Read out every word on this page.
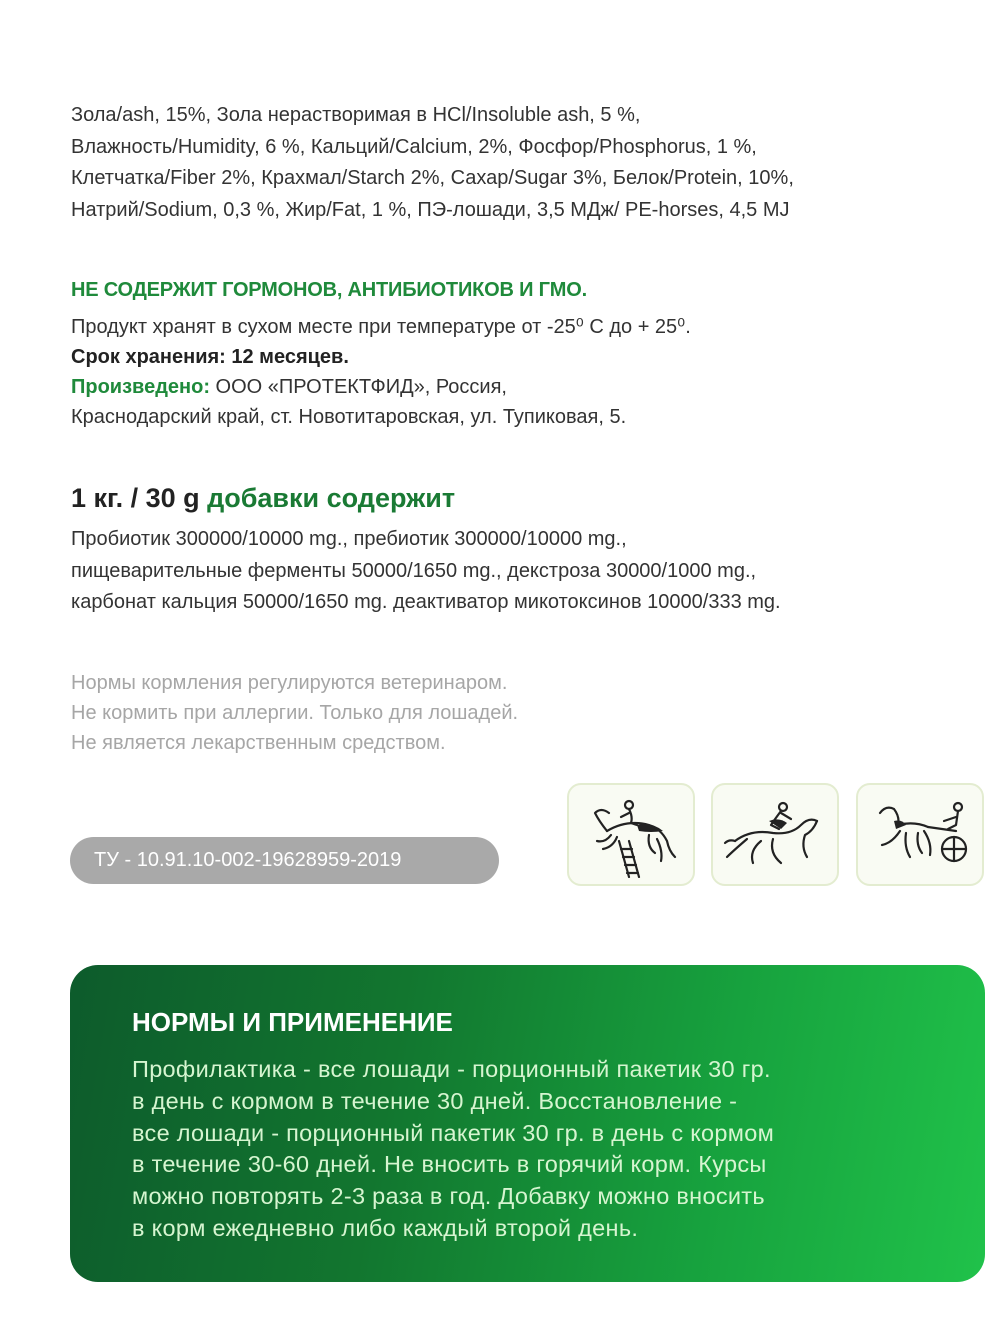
Зола/ash, 15%, Зола нерастворимая в HCl/Insoluble ash, 5 %,
Влажность/Humidity, 6 %, Кальций/Calcium, 2%, Фосфор/Phosphorus, 1 %,
Клетчатка/Fiber 2%, Крахмал/Starch 2%, Сахар/Sugar 3%, Белок/Protein, 10%,
Натрий/Sodium, 0,3 %, Жир/Fat, 1 %, ПЭ-лошади, 3,5 МДж/ PE-horses, 4,5 MJ
НЕ СОДЕРЖИТ ГОРМОНОВ, АНТИБИОТИКОВ И ГМО.
Продукт хранят в сухом месте при температуре от -25⁰ С до + 25⁰.
Срок хранения: 12 месяцев.
Произведено: ООО «ПРОТЕКТФИД», Россия,
Краснодарский край, ст. Новотитаровская, ул. Тупиковая, 5.
1 кг. / 30 g добавки содержит
Пробиотик 300000/10000 mg., пребиотик 300000/10000 mg.,
пищеварительные ферменты 50000/1650 mg., декстроза 30000/1000 mg.,
карбонат кальция 50000/1650 mg. деактиватор микотоксинов 10000/333 mg.
Нормы кормления регулируются ветеринаром.
Не кормить при аллергии. Только для лошадей.
Не является лекарственным средством.
ТУ - 10.91.10-002-19628959-2019
НОРМЫ И ПРИМЕНЕНИЕ
Профилактика - все лошади - порционный пакетик 30 гр.
в день с кормом в течение 30 дней. Восстановление -
все лошади - порционный пакетик 30 гр. в день с кормом
в течение 30-60 дней. Не вносить в горячий корм. Курсы
можно повторять 2-3 раза в год. Добавку можно вносить
в корм ежедневно либо каждый второй день.
